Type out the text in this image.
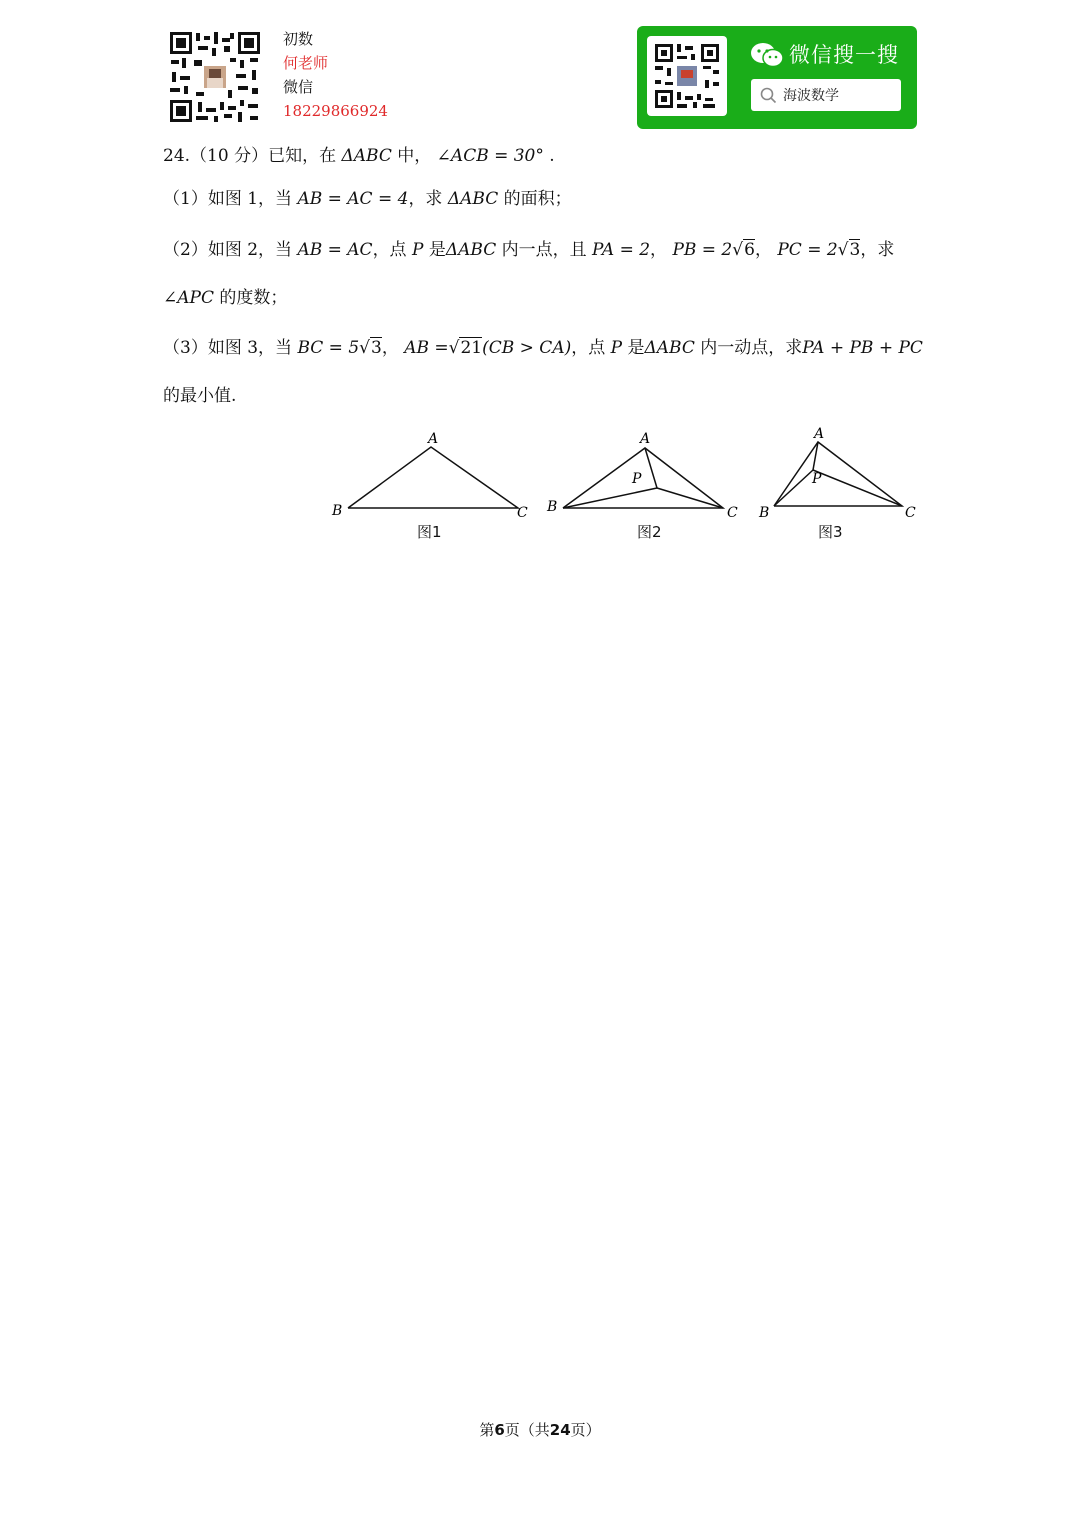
初数
何老师
微信
18229866924
微信搜一搜
海波数学
24.（10 分）已知，在 ΔABC 中， ∠ACB = 30° .
（1）如图 1，当 AB = AC = 4，求 ΔABC 的面积；
（2）如图 2，当 AB = AC，点 P 是ΔABC 内一点，且 PA = 2， PB = 2√6， PC = 2√3，求
∠APC 的度数；
（3）如图 3，当 BC = 5√3， AB =√21(CB > CA)，点 P 是ΔABC 内一动点，求PA + PB + PC
的最小值.
A
B	C
A
B	C
P
A
B	C
P
图1	图2	图3
第6页（共24页）
